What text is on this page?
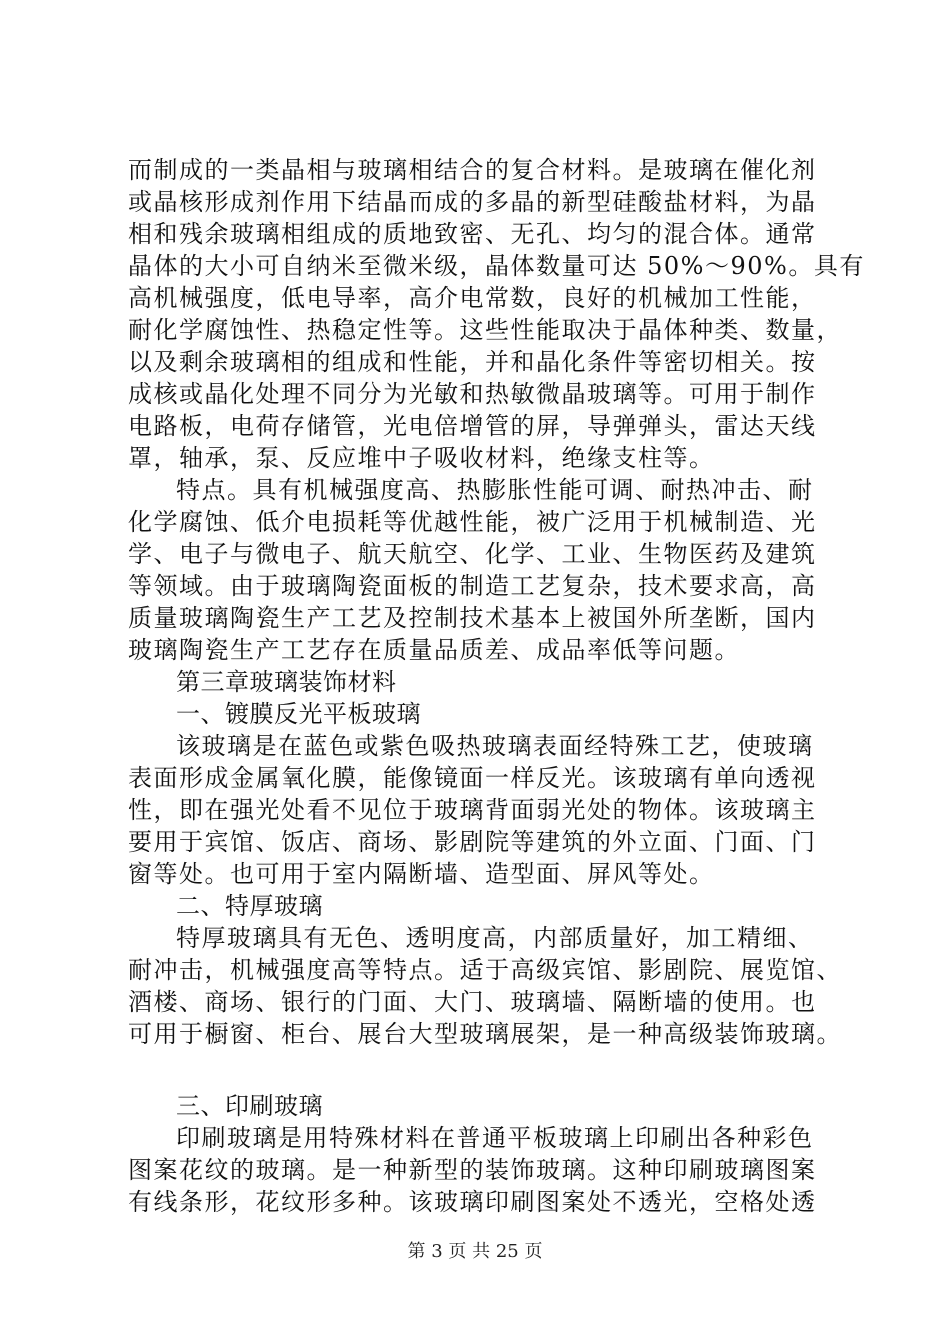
而制成的一类晶相与玻璃相结合的复合材料。是玻璃在催化剂
或晶核形成剂作用下结晶而成的多晶的新型硅酸盐材料，为晶
相和残余玻璃相组成的质地致密、无孔、均匀的混合体。通常
晶体的大小可自纳米至微米级，晶体数量可达 50%～90%。具有
高机械强度，低电导率，高介电常数，良好的机械加工性能，
耐化学腐蚀性、热稳定性等。这些性能取决于晶体种类、数量，
以及剩余玻璃相的组成和性能，并和晶化条件等密切相关。按
成核或晶化处理不同分为光敏和热敏微晶玻璃等。可用于制作
电路板，电荷存储管，光电倍增管的屏，导弹弹头，雷达天线
罩，轴承，泵、反应堆中子吸收材料，绝缘支柱等。
特点。具有机械强度高、热膨胀性能可调、耐热冲击、耐
化学腐蚀、低介电损耗等优越性能，被广泛用于机械制造、光
学、电子与微电子、航天航空、化学、工业、生物医药及建筑
等领域。由于玻璃陶瓷面板的制造工艺复杂，技术要求高，高
质量玻璃陶瓷生产工艺及控制技术基本上被国外所垄断，国内
玻璃陶瓷生产工艺存在质量品质差、成品率低等问题。
第三章玻璃装饰材料
一、镀膜反光平板玻璃
该玻璃是在蓝色或紫色吸热玻璃表面经特殊工艺，使玻璃
表面形成金属氧化膜，能像镜面一样反光。该玻璃有单向透视
性，即在强光处看不见位于玻璃背面弱光处的物体。该玻璃主
要用于宾馆、饭店、商场、影剧院等建筑的外立面、门面、门
窗等处。也可用于室内隔断墙、造型面、屏风等处。
二、特厚玻璃
特厚玻璃具有无色、透明度高，内部质量好，加工精细、
耐冲击，机械强度高等特点。适于高级宾馆、影剧院、展览馆、
酒楼、商场、银行的门面、大门、玻璃墙、隔断墙的使用。也
可用于橱窗、柜台、展台大型玻璃展架，是一种高级装饰玻璃。
三、印刷玻璃
印刷玻璃是用特殊材料在普通平板玻璃上印刷出各种彩色
图案花纹的玻璃。是一种新型的装饰玻璃。这种印刷玻璃图案
有线条形，花纹形多种。该玻璃印刷图案处不透光，空格处透
第 3 页 共 25 页
